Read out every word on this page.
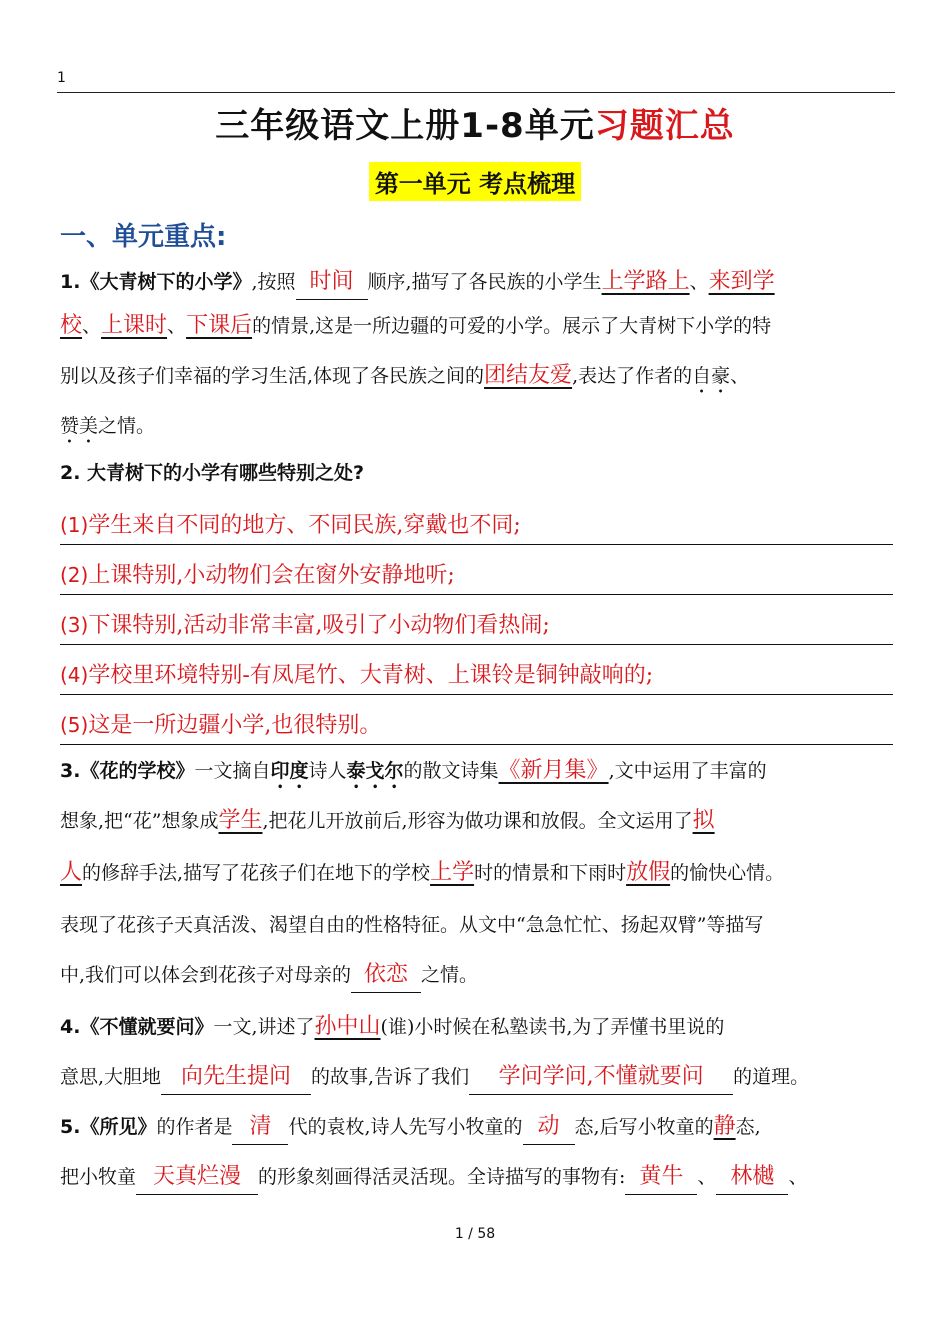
1
三年级语文上册1-8单元习题汇总
第一单元 考点梳理
一、单元重点:
1.《大青树下的小学》,按照 时间 顺序,描写了各民族的小学生上学路上、来到学
校、上课时、下课后的情景,这是一所边疆的可爱的小学。展示了大青树下小学的特
别以及孩子们幸福的学习生活,体现了各民族之间的团结友爱,表达了作者的自豪、
赞美之情。
2. 大青树下的小学有哪些特别之处?
(1)学生来自不同的地方、不同民族,穿戴也不同;
(2)上课特别,小动物们会在窗外安静地听;
(3)下课特别,活动非常丰富,吸引了小动物们看热闹;
(4)学校里环境特别-有凤尾竹、大青树、上课铃是铜钟敲响的;
(5)这是一所边疆小学,也很特别。
3.《花的学校》一文摘自印度诗人泰戈尔的散文诗集《新月集》,文中运用了丰富的
想象,把“花”想象成学生,把花儿开放前后,形容为做功课和放假。全文运用了拟
人的修辞手法,描写了花孩子们在地下的学校上学时的情景和下雨时放假的愉快心情。
表现了花孩子天真活泼、渴望自由的性格特征。从文中“急急忙忙、扬起双臂”等描写
中,我们可以体会到花孩子对母亲的 依恋 之情。
4.《不懂就要问》一文,讲述了孙中山(谁)小时候在私塾读书,为了弄懂书里说的
意思,大胆地 向先生提问 的故事,告诉了我们 学问学问,不懂就要问 的道理。
5.《所见》的作者是 清 代的袁枚,诗人先写小牧童的 动 态,后写小牧童的静态,
把小牧童 天真烂漫 的形象刻画得活灵活现。全诗描写的事物有: 黄牛 、 林樾 、
1 / 58
